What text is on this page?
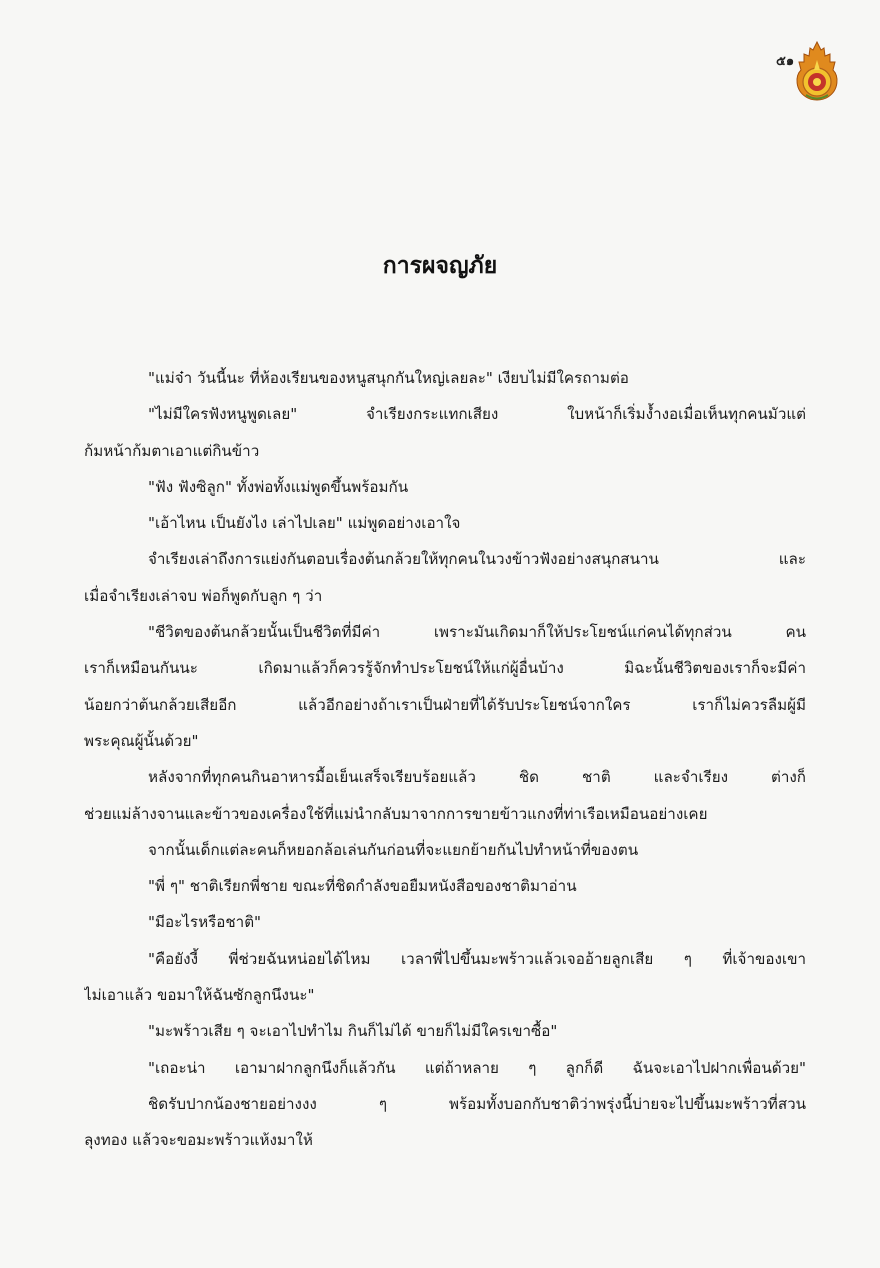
๕๑
การผจญภัย
"แม่จ๋า วันนี้นะ ที่ห้องเรียนของหนูสนุกกันใหญ่เลยละ" เงียบไม่มีใครถามต่อ
"ไม่มีใครฟังหนูพูดเลย" จำเรียงกระแทกเสียง ใบหน้าก็เริ่มง้ำงอเมื่อเห็นทุกคนมัวแต่
ก้มหน้าก้มตาเอาแต่กินข้าว
"ฟัง ฟังซิลูก" ทั้งพ่อทั้งแม่พูดขึ้นพร้อมกัน
"เอ้าไหน เป็นยังไง เล่าไปเลย" แม่พูดอย่างเอาใจ
จำเรียงเล่าถึงการแย่งกันตอบเรื่องต้นกล้วยให้ทุกคนในวงข้าวฟังอย่างสนุกสนาน และ
เมื่อจำเรียงเล่าจบ พ่อก็พูดกับลูก ๆ ว่า
"ชีวิตของต้นกล้วยนั้นเป็นชีวิตที่มีค่า เพราะมันเกิดมาก็ให้ประโยชน์แก่คนได้ทุกส่วน คน
เราก็เหมือนกันนะ เกิดมาแล้วก็ควรรู้จักทำประโยชน์ให้แก่ผู้อื่นบ้าง มิฉะนั้นชีวิตของเราก็จะมีค่า
น้อยกว่าต้นกล้วยเสียอีก แล้วอีกอย่างถ้าเราเป็นฝ่ายที่ได้รับประโยชน์จากใคร เราก็ไม่ควรลืมผู้มี
พระคุณผู้นั้นด้วย"
หลังจากที่ทุกคนกินอาหารมื้อเย็นเสร็จเรียบร้อยแล้ว ชิด ชาติ และจำเรียง ต่างก็
ช่วยแม่ล้างจานและข้าวของเครื่องใช้ที่แม่นำกลับมาจากการขายข้าวแกงที่ท่าเรือเหมือนอย่างเคย
จากนั้นเด็กแต่ละคนก็หยอกล้อเล่นกันก่อนที่จะแยกย้ายกันไปทำหน้าที่ของตน
"พี่ ๆ" ชาติเรียกพี่ชาย ขณะที่ชิดกำลังขอยืมหนังสือของชาติมาอ่าน
"มีอะไรหรือชาติ"
"คือยังงี้ พี่ช่วยฉันหน่อยได้ไหม เวลาพี่ไปขึ้นมะพร้าวแล้วเจออ้ายลูกเสีย ๆ ที่เจ้าของเขา
ไม่เอาแล้ว ขอมาให้ฉันซักลูกนึงนะ"
"มะพร้าวเสีย ๆ จะเอาไปทำไม กินก็ไม่ได้ ขายก็ไม่มีใครเขาซื้อ"
"เถอะน่า เอามาฝากลูกนึงก็แล้วกัน แต่ถ้าหลาย ๆ ลูกก็ดี ฉันจะเอาไปฝากเพื่อนด้วย"
ชิดรับปากน้องชายอย่างงง ๆ พร้อมทั้งบอกกับชาติว่าพรุ่งนี้บ่ายจะไปขึ้นมะพร้าวที่สวน
ลุงทอง แล้วจะขอมะพร้าวแห้งมาให้
